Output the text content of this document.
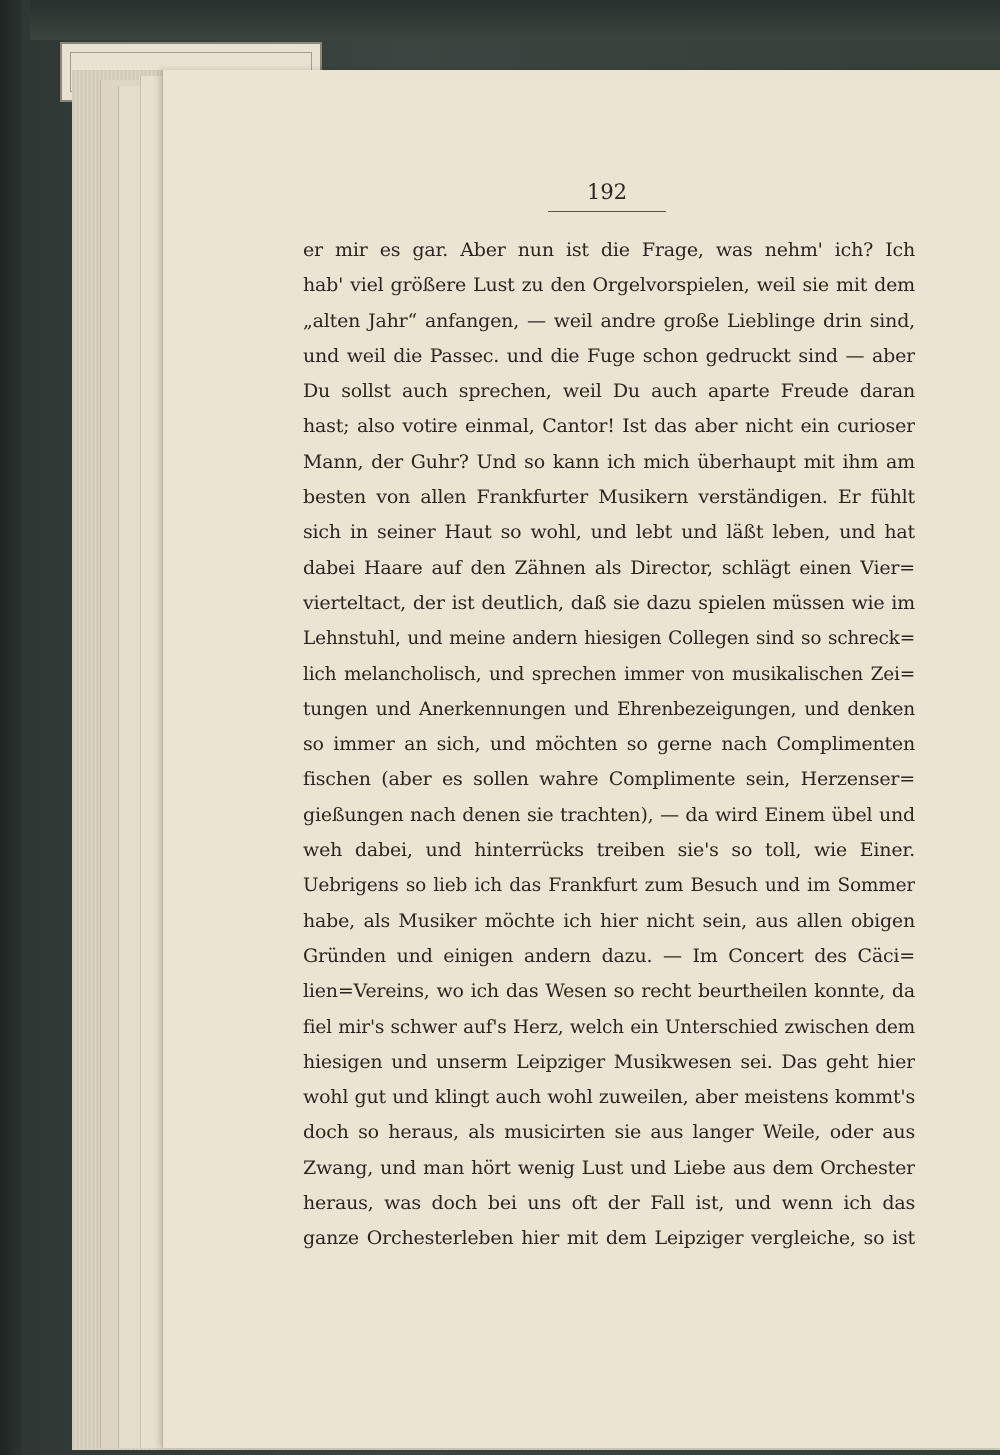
192
er mir es gar. Aber nun ist die Frage, was nehm' ich? Ich
hab' viel größere Lust zu den Orgelvorspielen, weil sie mit dem
„alten Jahr“ anfangen, — weil andre große Lieblinge drin sind,
und weil die Passec. und die Fuge schon gedruckt sind — aber
Du sollst auch sprechen, weil Du auch aparte Freude daran
hast; also votire einmal, Cantor! Ist das aber nicht ein curioser
Mann, der Guhr? Und so kann ich mich überhaupt mit ihm am
besten von allen Frankfurter Musikern verständigen. Er fühlt
sich in seiner Haut so wohl, und lebt und läßt leben, und hat
dabei Haare auf den Zähnen als Director, schlägt einen Vier=
vierteltact, der ist deutlich, daß sie dazu spielen müssen wie im
Lehnstuhl, und meine andern hiesigen Collegen sind so schreck=
lich melancholisch, und sprechen immer von musikalischen Zei=
tungen und Anerkennungen und Ehrenbezeigungen, und denken
so immer an sich, und möchten so gerne nach Complimenten
fischen (aber es sollen wahre Complimente sein, Herzenser=
gießungen nach denen sie trachten), — da wird Einem übel und
weh dabei, und hinterrücks treiben sie's so toll, wie Einer.
Uebrigens so lieb ich das Frankfurt zum Besuch und im Sommer
habe, als Musiker möchte ich hier nicht sein, aus allen obigen
Gründen und einigen andern dazu. — Im Concert des Cäci=
lien=Vereins, wo ich das Wesen so recht beurtheilen konnte, da
fiel mir's schwer auf's Herz, welch ein Unterschied zwischen dem
hiesigen und unserm Leipziger Musikwesen sei. Das geht hier
wohl gut und klingt auch wohl zuweilen, aber meistens kommt's
doch so heraus, als musicirten sie aus langer Weile, oder aus
Zwang, und man hört wenig Lust und Liebe aus dem Orchester
heraus, was doch bei uns oft der Fall ist, und wenn ich das
ganze Orchesterleben hier mit dem Leipziger vergleiche, so ist
